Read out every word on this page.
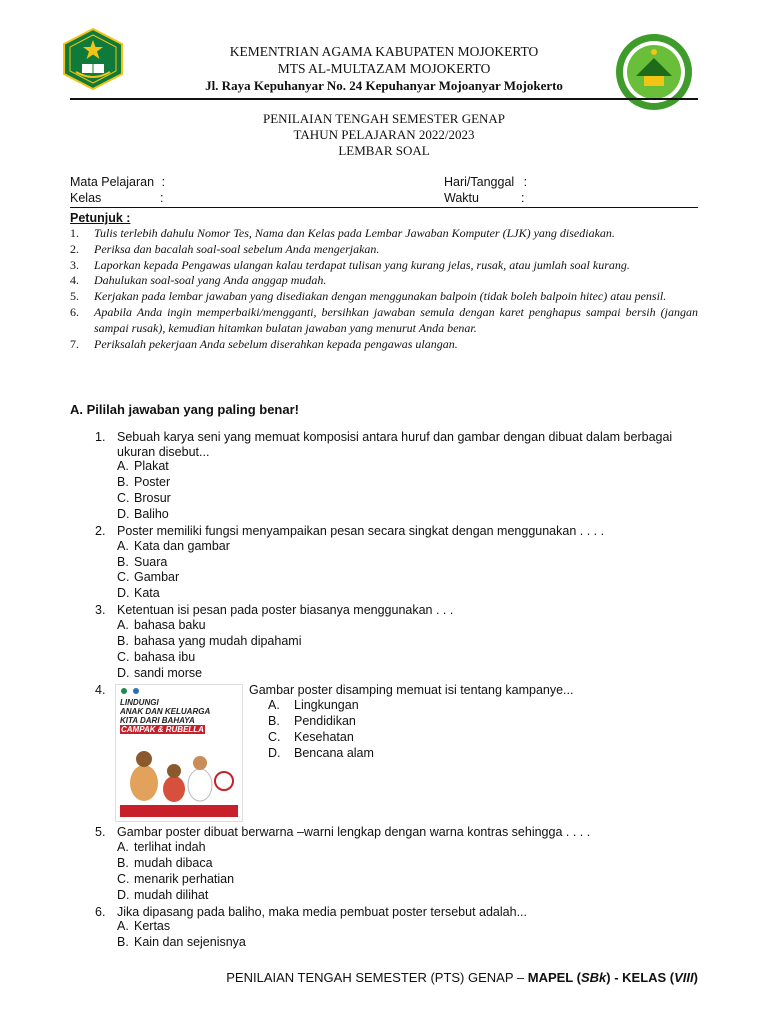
KEMENTRIAN AGAMA KABUPATEN MOJOKERTO
MTS AL-MULTAZAM MOJOKERTO
Jl. Raya Kepuhanyar No. 24 Kepuhanyar Mojoanyar Mojokerto
PENILAIAN TENGAH SEMESTER GENAP
TAHUN PELAJARAN 2022/2023
LEMBAR SOAL
Mata Pelajaran :
Kelas	:
Hari/Tanggal :
Waktu	:
Petunjuk :
1.	Tulis terlebih dahulu Nomor Tes, Nama dan Kelas pada Lembar Jawaban Komputer (LJK) yang disediakan.
2.	Periksa dan bacalah soal-soal sebelum Anda mengerjakan.
3.	Laporkan kepada Pengawas ulangan kalau terdapat tulisan yang kurang jelas, rusak, atau jumlah soal kurang.
4.	Dahulukan soal-soal yang Anda anggap mudah.
5.	Kerjakan pada lembar jawaban yang disediakan dengan menggunakan balpoin (tidak boleh balpoin hitec) atau pensil.
6.	Apabila Anda ingin memperbaiki/mengganti, bersihkan jawaban semula dengan karet penghapus sampai bersih (jangan sampai rusak), kemudian hitamkan bulatan jawaban yang menurut Anda benar.
7.	Periksalah pekerjaan Anda sebelum diserahkan kepada pengawas ulangan.
A. Pililah jawaban yang paling benar!
1. Sebuah karya seni yang memuat komposisi antara huruf dan gambar dengan dibuat dalam berbagai
ukuran disebut...
A. Plakat
B. Poster
C. Brosur
D. Baliho
2. Poster memiliki fungsi menyampaikan pesan secara singkat dengan menggunakan . . . .
A. Kata dan gambar
B. Suara
C. Gambar
D. Kata
3. Ketentuan isi pesan pada poster biasanya menggunakan . . .
A. bahasa baku
B. bahasa yang mudah dipahami
C. bahasa ibu
D. sandi morse
4.	Gambar poster disamping memuat isi tentang kampanye...
LINDUNGI
ANAK DAN KELUARGA
KITA DARI BAHAYA
CAMPAK & RUBELLA
A. Lingkungan
B. Pendidikan
C. Kesehatan
D. Bencana alam
5. Gambar poster dibuat berwarna –warni lengkap dengan warna kontras sehingga . . . .
A. terlihat indah
B. mudah dibaca
C. menarik perhatian
D. mudah dilihat
6. Jika dipasang pada baliho, maka media pembuat poster tersebut adalah...
A. Kertas
B. Kain dan sejenisnya
PENILAIAN TENGAH SEMESTER (PTS) GENAP – MAPEL (SBk) - KELAS (VIII)
